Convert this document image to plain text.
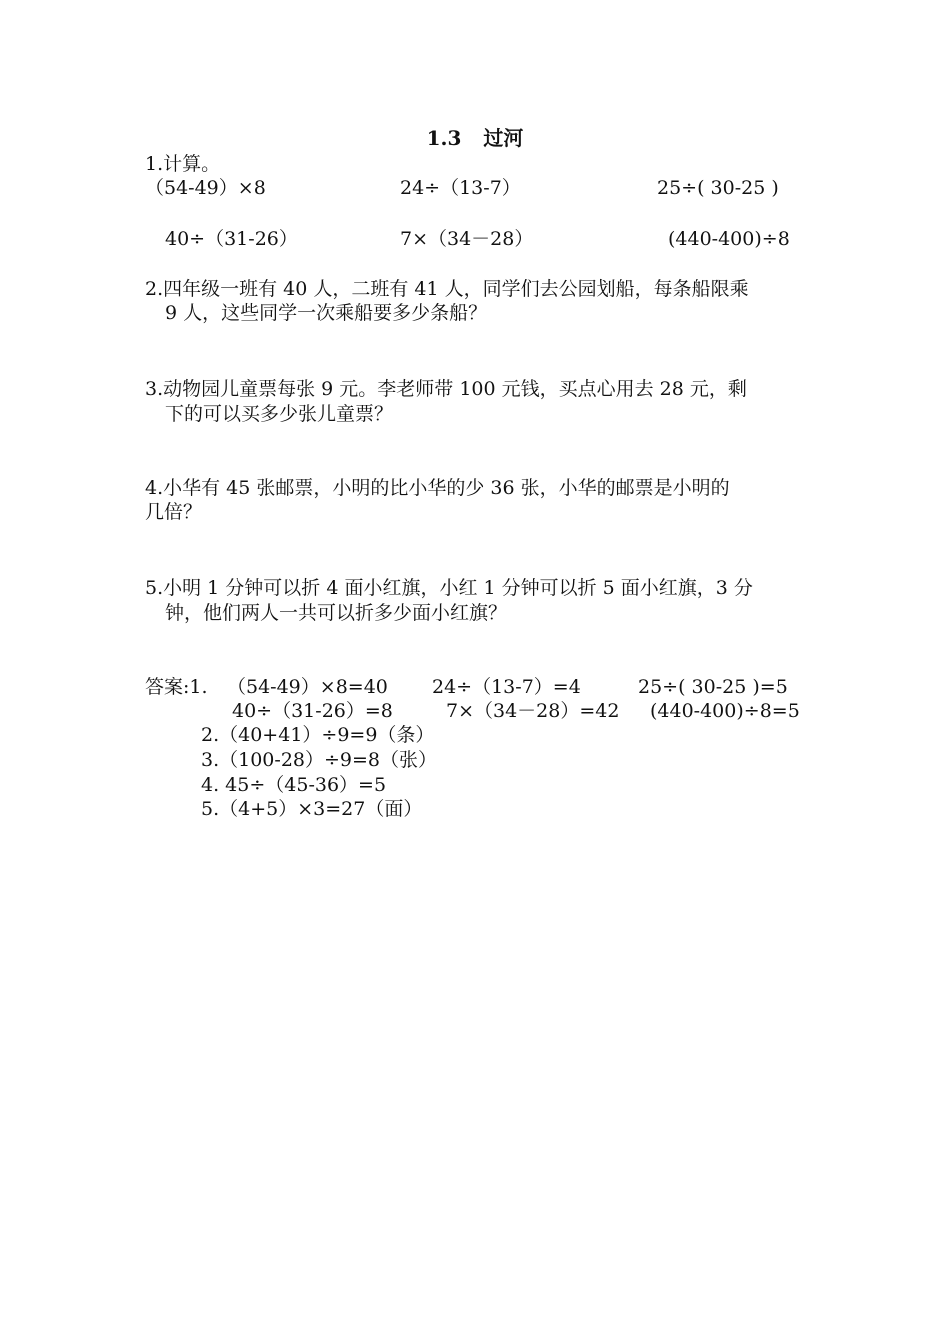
1.3 过河
1.计算。
（54-49）×8	24÷（13-7）	25÷( 30-25 )
40÷（31-26）	7×（34－28）	(440-400)÷8
2.四年级一班有 40 人，二班有 41 人，同学们去公园划船，每条船限乘
9 人，这些同学一次乘船要多少条船？
3.动物园儿童票每张 9 元。李老师带 100 元钱，买点心用去 28 元，剩
下的可以买多少张儿童票？
4.小华有 45 张邮票，小明的比小华的少 36 张，小华的邮票是小明的
几倍？
5.小明 1 分钟可以折 4 面小红旗，小红 1 分钟可以折 5 面小红旗，3 分
钟，他们两人一共可以折多少面小红旗？
答案:1. （54-49）×8=40 24÷（13-7）=4	25÷( 30-25 )=5
40÷（31-26）=8	7×（34－28）=42 (440-400)÷8=5
2.（40+41）÷9=9（条）
3.（100-28）÷9=8（张）
4. 45÷（45-36）=5
5.（4+5）×3=27（面）
